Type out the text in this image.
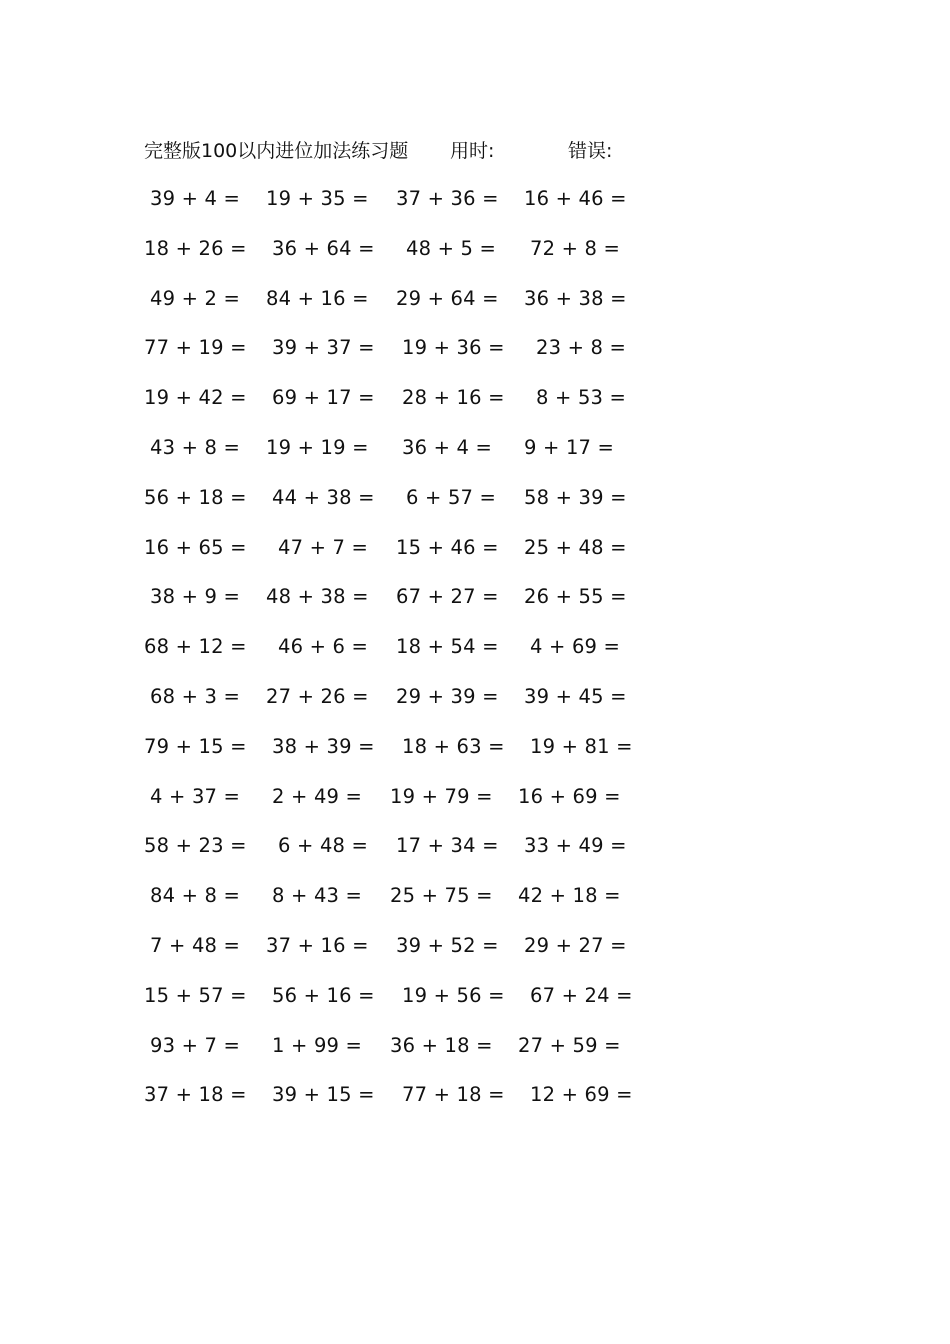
完整版100以内进位加法练习题 用时:	错误:
39 + 4 = 19 + 35 = 37 + 36 = 16 + 46 =
18 + 26 = 36 + 64 = 48 + 5 = 72 + 8 =
49 + 2 = 84 + 16 = 29 + 64 = 36 + 38 =
77 + 19 = 39 + 37 = 19 + 36 = 23 + 8 =
19 + 42 = 69 + 17 = 28 + 16 = 8 + 53 =
43 + 8 = 19 + 19 = 36 + 4 = 9 + 17 =
56 + 18 = 44 + 38 = 6 + 57 = 58 + 39 =
16 + 65 = 47 + 7 = 15 + 46 = 25 + 48 =
38 + 9 = 48 + 38 = 67 + 27 = 26 + 55 =
68 + 12 = 46 + 6 = 18 + 54 = 4 + 69 =
68 + 3 = 27 + 26 = 29 + 39 = 39 + 45 =
79 + 15 = 38 + 39 = 18 + 63 = 19 + 81 =
4 + 37 = 2 + 49 = 19 + 79 = 16 + 69 =
58 + 23 = 6 + 48 = 17 + 34 = 33 + 49 =
84 + 8 = 8 + 43 = 25 + 75 = 42 + 18 =
7 + 48 = 37 + 16 = 39 + 52 = 29 + 27 =
15 + 57 = 56 + 16 = 19 + 56 = 67 + 24 =
93 + 7 = 1 + 99 = 36 + 18 = 27 + 59 =
37 + 18 = 39 + 15 = 77 + 18 = 12 + 69 =
